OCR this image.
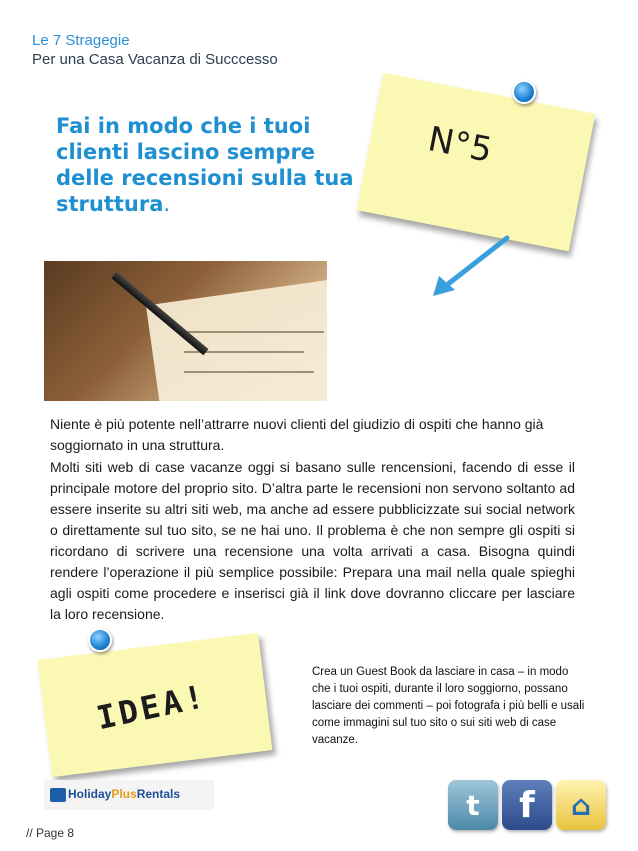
Le 7 Stragegie
Per una Casa Vacanza di Succcesso
Fai in modo che i tuoi clienti lascino sempre delle recensioni sulla tua struttura.
N°5
Niente è più potente nell’attrarre nuovi clienti del giudizio di ospiti che hanno già soggiornato in una struttura.
Molti siti web di case vacanze oggi si basano sulle rencensioni, facendo di esse il principale motore del proprio sito. D’altra parte le recensioni non servono soltanto ad essere inserite su altri siti web, ma anche ad essere pubblicizzate sui social network o direttamente sul tuo sito, se ne hai uno. Il problema è che non sempre gli ospiti si ricordano di scrivere una recensione una volta arrivati a casa. Bisogna quindi rendere l’operazione il più semplice possibile: Prepara una mail nella quale spieghi agli ospiti come procedere e inserisci già il link dove dovranno cliccare per lasciare la loro recensione.
IDEA!
Crea un Guest Book da lasciare in casa – in modo che i tuoi ospiti, durante il loro soggiorno, possano lasciare dei commenti – poi fotografa i più belli e usali come immagini sul tuo sito o sui siti web di case vacanze.
HolidayPlusRentals	t f ⌂
// Page 8
